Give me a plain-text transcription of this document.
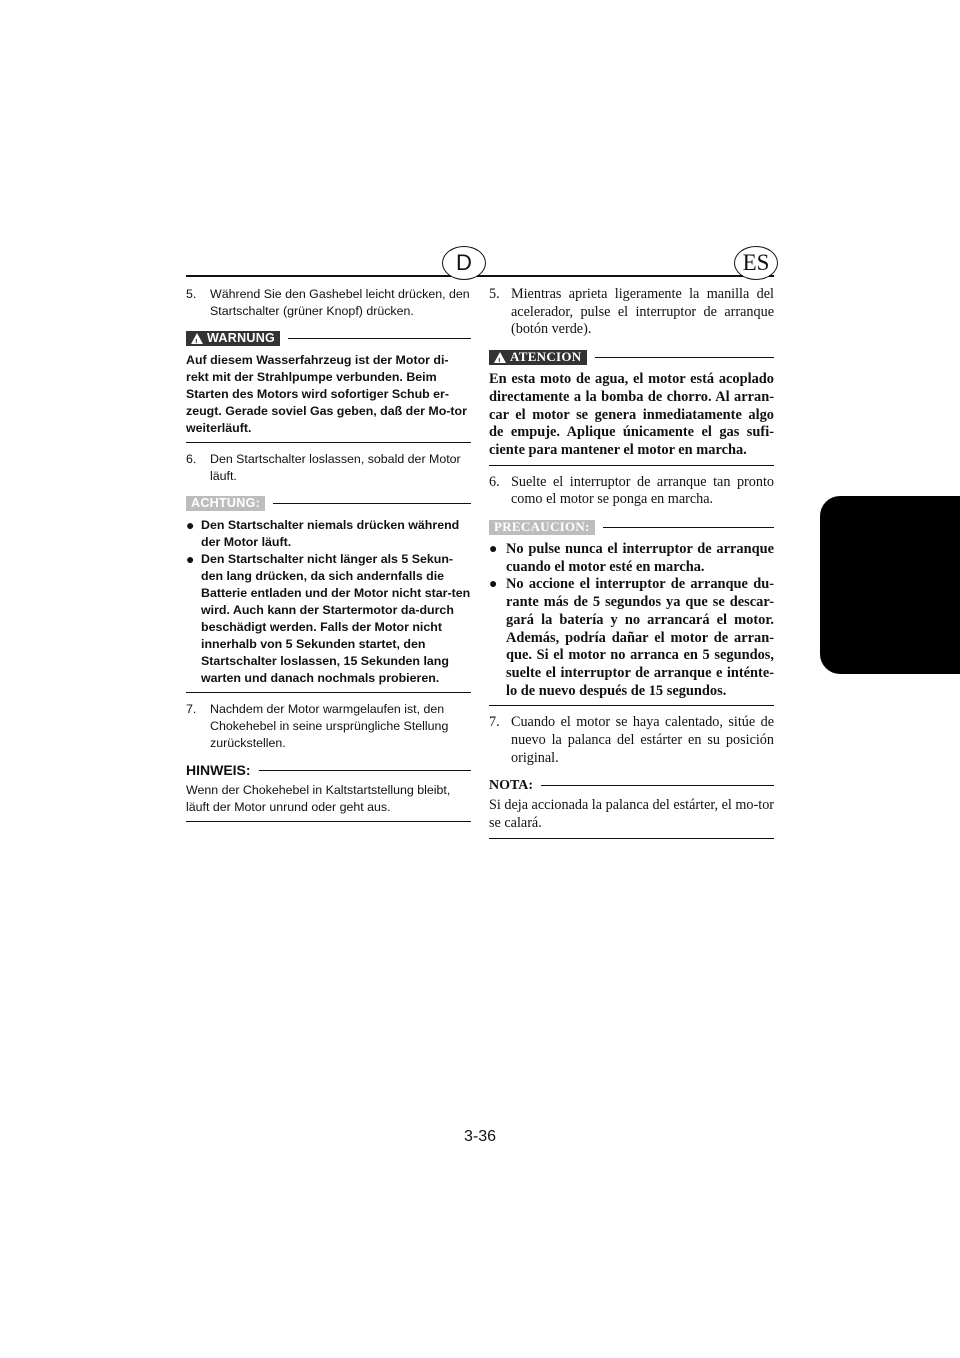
D	ES
5.	Während Sie den Gashebel leicht drücken, den Startschalter (grüner Knopf) drücken.
!
WARNUNG
Auf diesem Wasserfahrzeug ist der Motor di-rekt mit der Strahlpumpe verbunden. Beim Starten des Motors wird sofortiger Schub er-zeugt. Gerade soviel Gas geben, daß der Mo-tor weiterläuft.
6.	Den Startschalter loslassen, sobald der Motor läuft.
ACHTUNG:
● Den Startschalter niemals drücken während der Motor läuft.
● Den Startschalter nicht länger als 5 Sekun-den lang drücken, da sich andernfalls die Batterie entladen und der Motor nicht star-ten wird. Auch kann der Startermotor da-durch beschädigt werden. Falls der Motor nicht innerhalb von 5 Sekunden startet, den Startschalter loslassen, 15 Sekunden lang warten und danach nochmals probieren.
7.	Nachdem der Motor warmgelaufen ist, den Chokehebel in seine ursprüngliche Stellung zurückstellen.
HINWEIS:
Wenn der Chokehebel in Kaltstartstellung bleibt, läuft der Motor unrund oder geht aus.
5. Mientras aprieta ligeramente la manilla del acelerador, pulse el interruptor de arranque (botón verde).
!
ATENCION
En esta moto de agua, el motor está acoplado directamente a la bomba de chorro. Al arran-car el motor se genera inmediatamente algo de empuje. Aplique únicamente el gas sufi-ciente para mantener el motor en marcha.
6. Suelte el interruptor de arranque tan pronto como el motor se ponga en marcha.
PRECAUCION:
● No pulse nunca el interruptor de arranque cuando el motor esté en marcha.
● No accione el interruptor de arranque du-rante más de 5 segundos ya que se descar-gará la batería y no arrancará el motor. Además, podría dañar el motor de arran-que. Si el motor no arranca en 5 segundos, suelte el interruptor de arranque e inténte-lo de nuevo después de 15 segundos.
7. Cuando el motor se haya calentado, sitúe de nuevo la palanca del estárter en su posición original.
NOTA:
Si deja accionada la palanca del estárter, el mo-tor se calará.
3-36
